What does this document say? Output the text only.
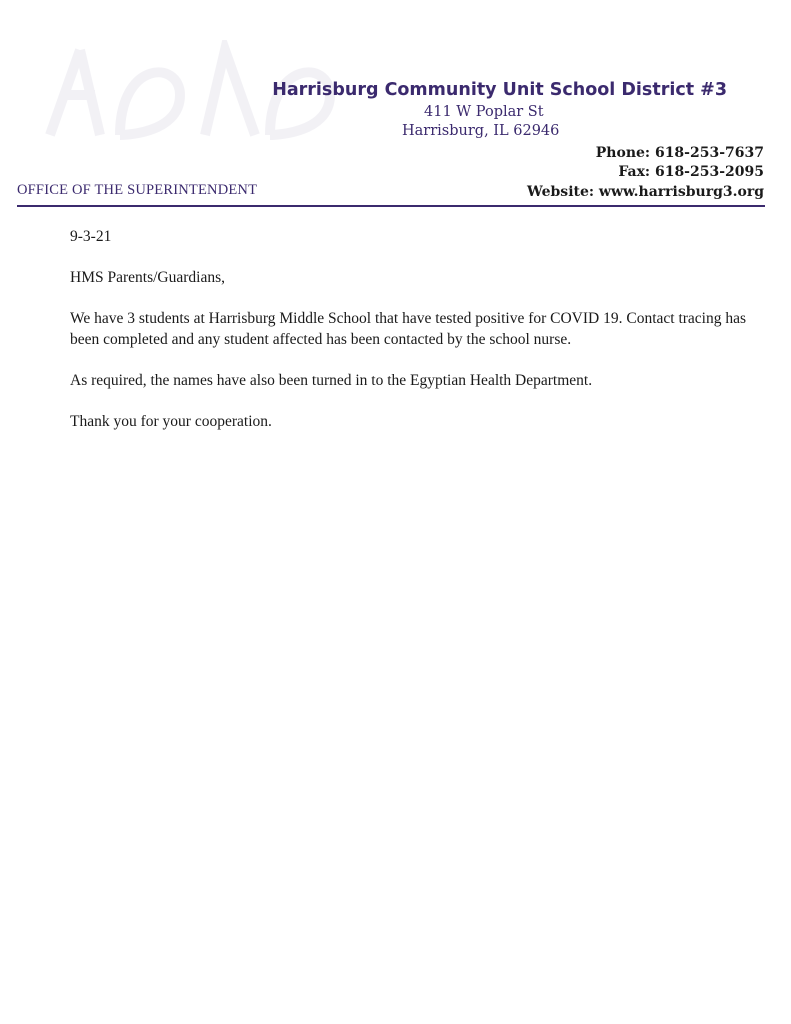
Harrisburg Community Unit School District #3
411 W Poplar St
Harrisburg, IL 62946
Phone: 618-253-7637
Fax: 618-253-2095
Website: www.harrisburg3.org
OFFICE OF THE SUPERINTENDENT

9-3-21

HMS Parents/Guardians,

We have 3 students at Harrisburg Middle School that have tested positive for COVID 19. Contact tracing has been completed and any student affected has been contacted by the school nurse.

As required, the names have also been turned in to the Egyptian Health Department.

Thank you for your cooperation.
